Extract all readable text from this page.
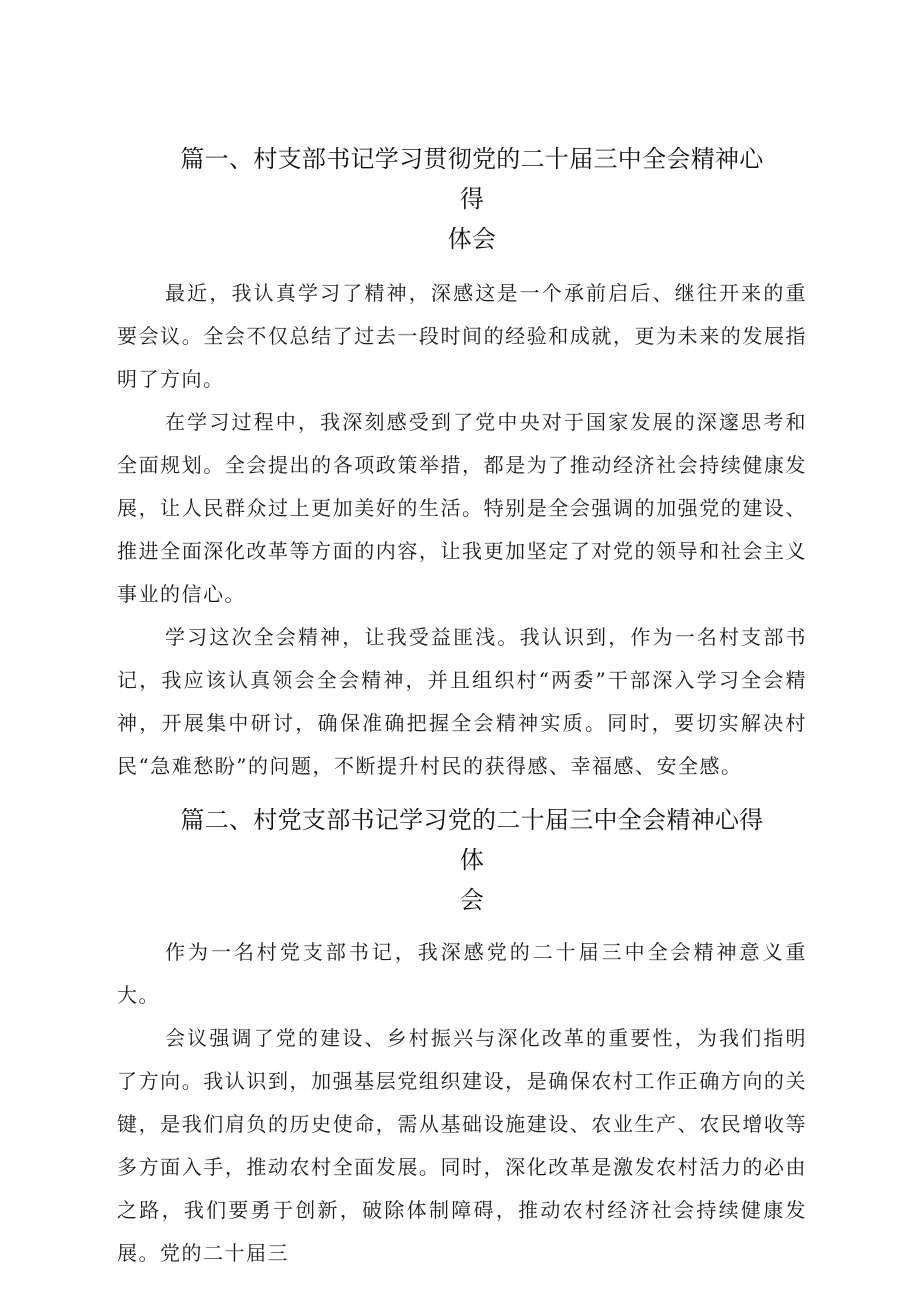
篇一、村支部书记学习贯彻党的二十届三中全会精神心得
体会

最近，我认真学习了精神，深感这是一个承前启后、继往开来的重要会议。全会不仅总结了过去一段时间的经验和成就，更为未来的发展指明了方向。

在学习过程中，我深刻感受到了党中央对于国家发展的深邃思考和全面规划。全会提出的各项政策举措，都是为了推动经济社会持续健康发展，让人民群众过上更加美好的生活。特别是全会强调的加强党的建设、推进全面深化改革等方面的内容，让我更加坚定了对党的领导和社会主义事业的信心。

学习这次全会精神，让我受益匪浅。我认识到，作为一名村支部书记，我应该认真领会全会精神，并且组织村“两委”干部深入学习全会精神，开展集中研讨，确保准确把握全会精神实质。同时，要切实解决村民“急难愁盼”的问题，不断提升村民的获得感、幸福感、安全感。

篇二、村党支部书记学习党的二十届三中全会精神心得体
会

作为一名村党支部书记，我深感党的二十届三中全会精神意义重大。

会议强调了党的建设、乡村振兴与深化改革的重要性，为我们指明了方向。我认识到，加强基层党组织建设，是确保农村工作正确方向的关键，是我们肩负的历史使命，需从基础设施建设、农业生产、农民增收等多方面入手，推动农村全面发展。同时，深化改革是激发农村活力的必由之路，我们要勇于创新，破除体制障碍，推动农村经济社会持续健康发展。党的二十届三
